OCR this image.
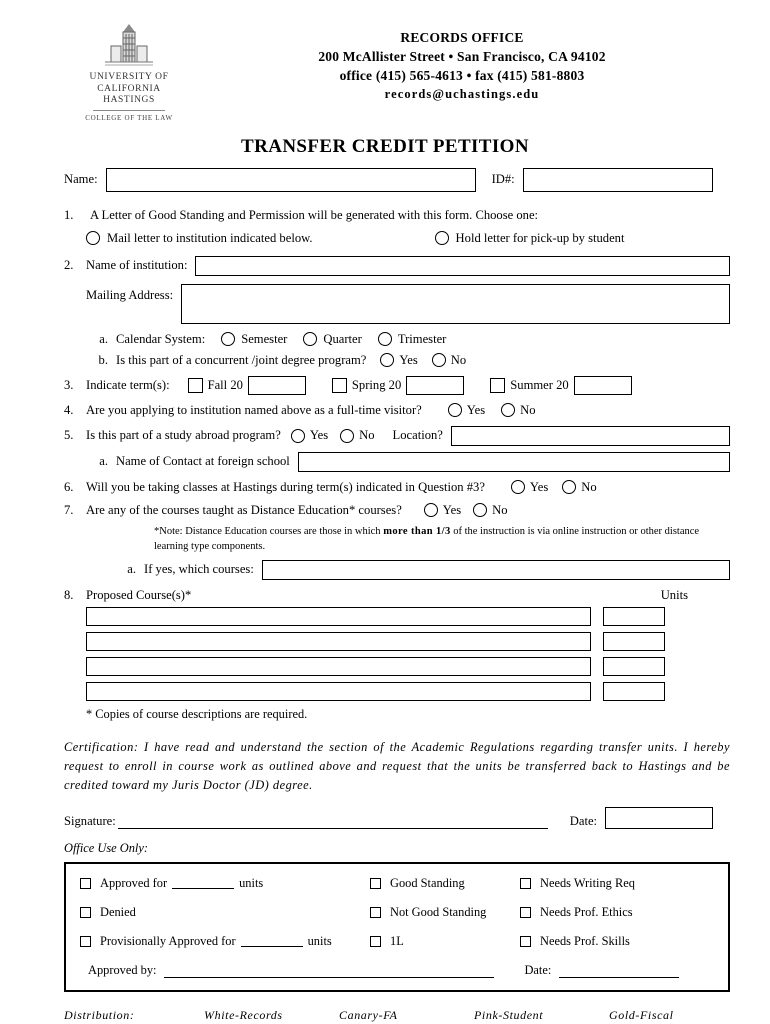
UNIVERSITY OF
CALIFORNIA
HASTINGS
COLLEGE OF THE LAW
RECORDS OFFICE
200 McAllister Street • San Francisco, CA 94102
office (415) 565-4613 • fax (415) 581-8803
records@uchastings.edu
TRANSFER CREDIT PETITION
Name:	ID#:
1.	A Letter of Good Standing and Permission will be generated with this form. Choose one:
Mail letter to institution indicated below.	Hold letter for pick-up by student
2. Name of institution:
Mailing Address:
a. Calendar System:	Semester	Quarter	Trimester
b. Is this part of a concurrent /joint degree program?	Yes	No
3. Indicate term(s):	Fall 20	Spring 20	Summer 20
4. Are you applying to institution named above as a full-time visitor?	Yes	No
5. Is this part of a study abroad program? Yes No Location?
a. Name of Contact at foreign school
6. Will you be taking classes at Hastings during term(s) indicated in Question #3?	Yes	No
7. Are any of the courses taught as Distance Education* courses?	Yes No
*Note: Distance Education courses are those in which more than 1/3 of the instruction is via online instruction or other distance learning type components.
a. If yes, which courses:
8. Proposed Course(s)*	Units
* Copies of course descriptions are required.
Certification: I have read and understand the section of the Academic Regulations regarding transfer units. I hereby request to enroll in course work as outlined above and request that the units be transferred back to Hastings and be credited toward my Juris Doctor (JD) degree.
Signature:	Date:
Office Use Only:
Approved for	units	Good Standing	Needs Writing Req
Denied	Not Good Standing	Needs Prof. Ethics
Provisionally Approved for	units	1L	Needs Prof. Skills
Approved by:	Date:
Distribution:	White-Records	Canary-FA	Pink-Student	Gold-Fiscal
